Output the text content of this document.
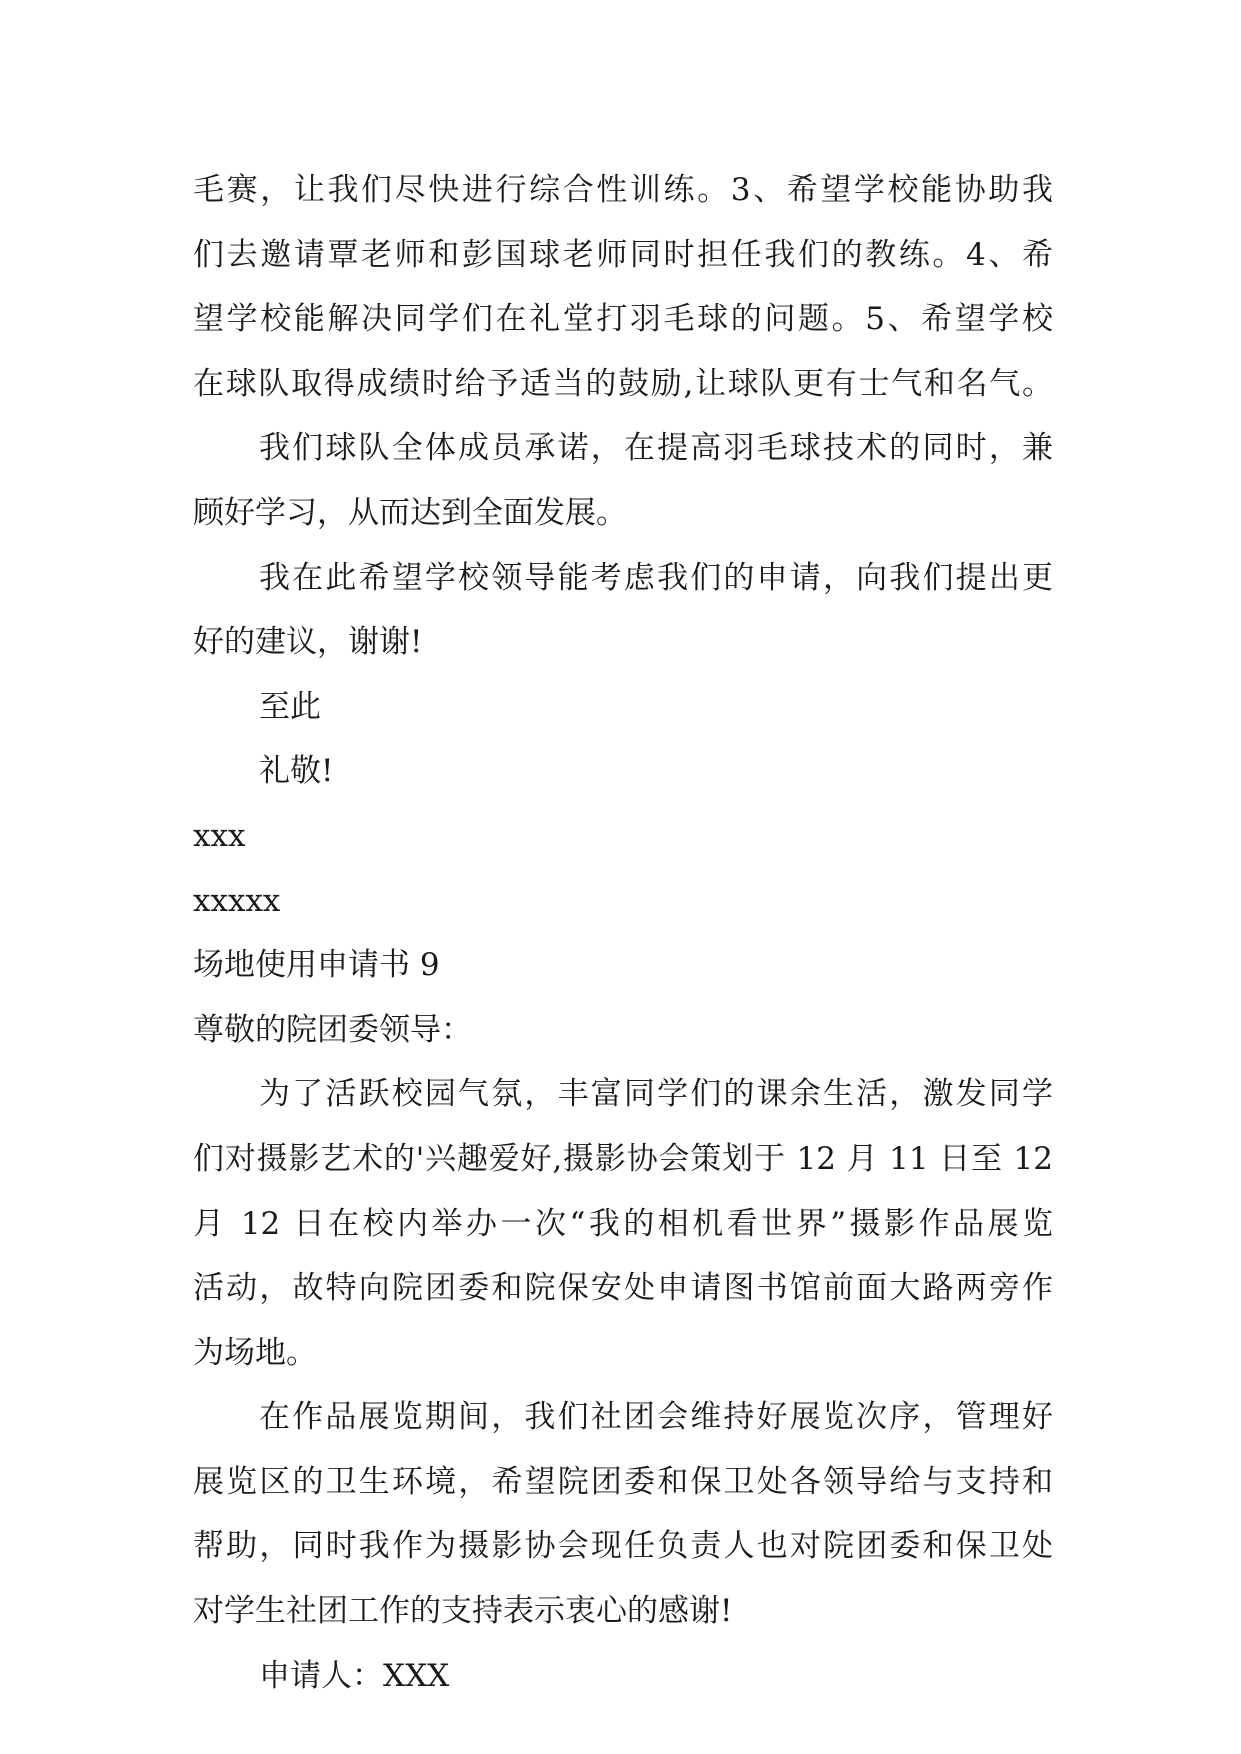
毛赛，让我们尽快进行综合性训练。3、希望学校能协助我

们去邀请覃老师和彭国球老师同时担任我们的教练。4、希

望学校能解决同学们在礼堂打羽毛球的问题。5、希望学校

在球队取得成绩时给予适当的鼓励,让球队更有士气和名气。

我们球队全体成员承诺，在提高羽毛球技术的同时，兼

顾好学习，从而达到全面发展。

我在此希望学校领导能考虑我们的申请，向我们提出更

好的建议，谢谢!

至此

礼敬!

xxx

xxxxx

场地使用申请书 9

尊敬的院团委领导：

为了活跃校园气氛，丰富同学们的课余生活，激发同学

们对摄影艺术的'兴趣爱好,摄影协会策划于 12 月 11 日至 12

月 12 日在校内举办一次“我的相机看世界”摄影作品展览

活动，故特向院团委和院保安处申请图书馆前面大路两旁作

为场地。

在作品展览期间，我们社团会维持好展览次序，管理好

展览区的卫生环境，希望院团委和保卫处各领导给与支持和

帮助，同时我作为摄影协会现任负责人也对院团委和保卫处

对学生社团工作的支持表示衷心的感谢!

申请人：XXX
